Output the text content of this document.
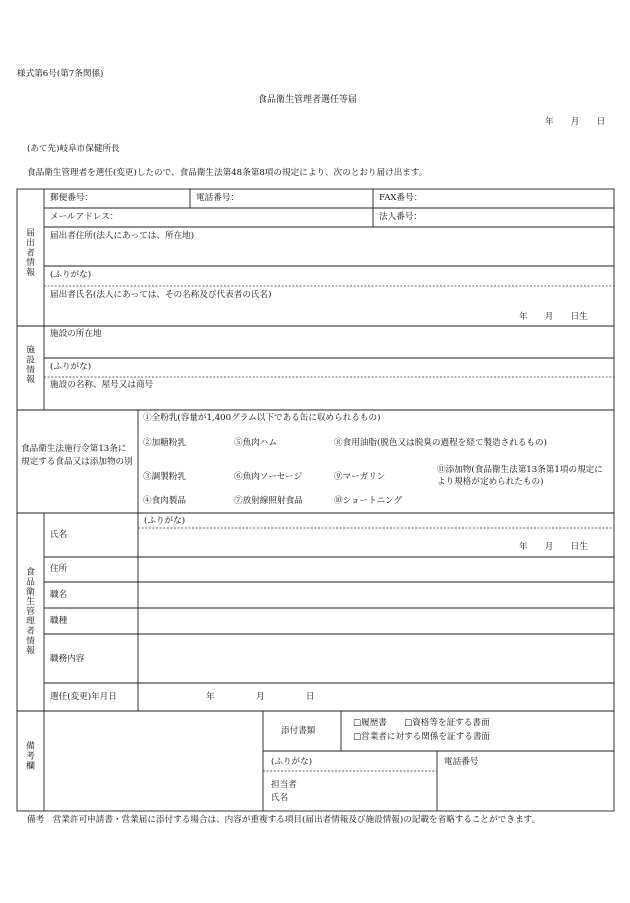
様式第6号(第7条関係)
食品衛生管理者選任等届
年　　月　　日
(あて先)岐阜市保健所長
食品衛生管理者を選任(変更)したので、食品衛生法第48条第8項の規定により、次のとおり届け出ます。
届出者情報
郵便番号：	電話番号：	FAX番号：
メールアドレス：	法人番号：
届出者住所(法人にあっては、所在地)
(ふりがな)
届出者氏名(法人にあっては、その名称及び代表者の氏名)
年　　月　　日生
施設情報
施設の所在地
(ふりがな)
施設の名称、屋号又は商号
食品衛生法施行令第13条に規定する食品又は添加物の別
①全粉乳(容量が1,400グラム以下である缶に収められるもの)
②加糖粉乳	⑤魚肉ハム	⑧食用油脂(脱色又は脱臭の過程を経て製造されるもの)
③調製粉乳	⑥魚肉ソーセージ	⑨マーガリン
⑪添加物(食品衛生法第13条第1項の規定により規格が定められたもの)
④食肉製品	⑦放射線照射食品	⑩ショートニング
食品衛生管理者情報
氏名
(ふりがな)
年　　月　　日生
住所
職名
職種
職務内容
選任(変更)年月日	年	月	日
備考欄
添付書類
□履歴書　　□資格等を証する書面
□営業者に対する関係を証する書面
(ふりがな)	電話番号
担当者
氏名
備考　営業許可申請書・営業届に添付する場合は、内容が重複する項目(届出者情報及び施設情報)の記載を省略することができます。
